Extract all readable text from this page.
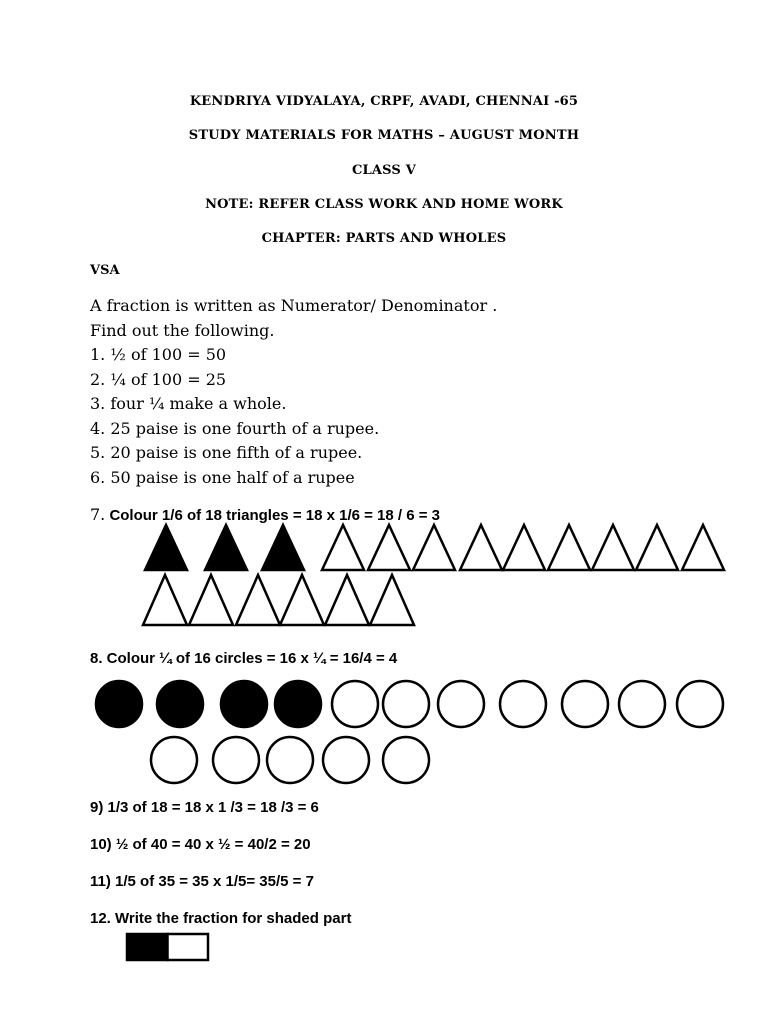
KENDRIYA VIDYALAYA, CRPF, AVADI, CHENNAI -65
STUDY MATERIALS FOR MATHS – AUGUST MONTH
CLASS V
NOTE: REFER CLASS WORK AND HOME WORK
CHAPTER: PARTS AND WHOLES
VSA
A fraction is written as Numerator/ Denominator .
Find out the following.
1. ½ of 100 = 50
2. ¼ of 100 = 25
3. four ¼ make a whole.
4. 25 paise is one fourth of a rupee.
5. 20 paise is one fifth of a rupee.
6. 50 paise is one half of a rupee
7. Colour 1/6 of 18 triangles = 18 x 1/6 = 18 / 6 = 3
8. Colour ¼ of 16 circles = 16 x ¼ = 16/4 = 4
9) 1/3 of 18 = 18 x 1 /3 = 18 /3 = 6
10) ½ of 40 = 40 x ½ = 40/2 = 20
11) 1/5 of 35 = 35 x 1/5= 35/5 = 7
12. Write the fraction for shaded part
